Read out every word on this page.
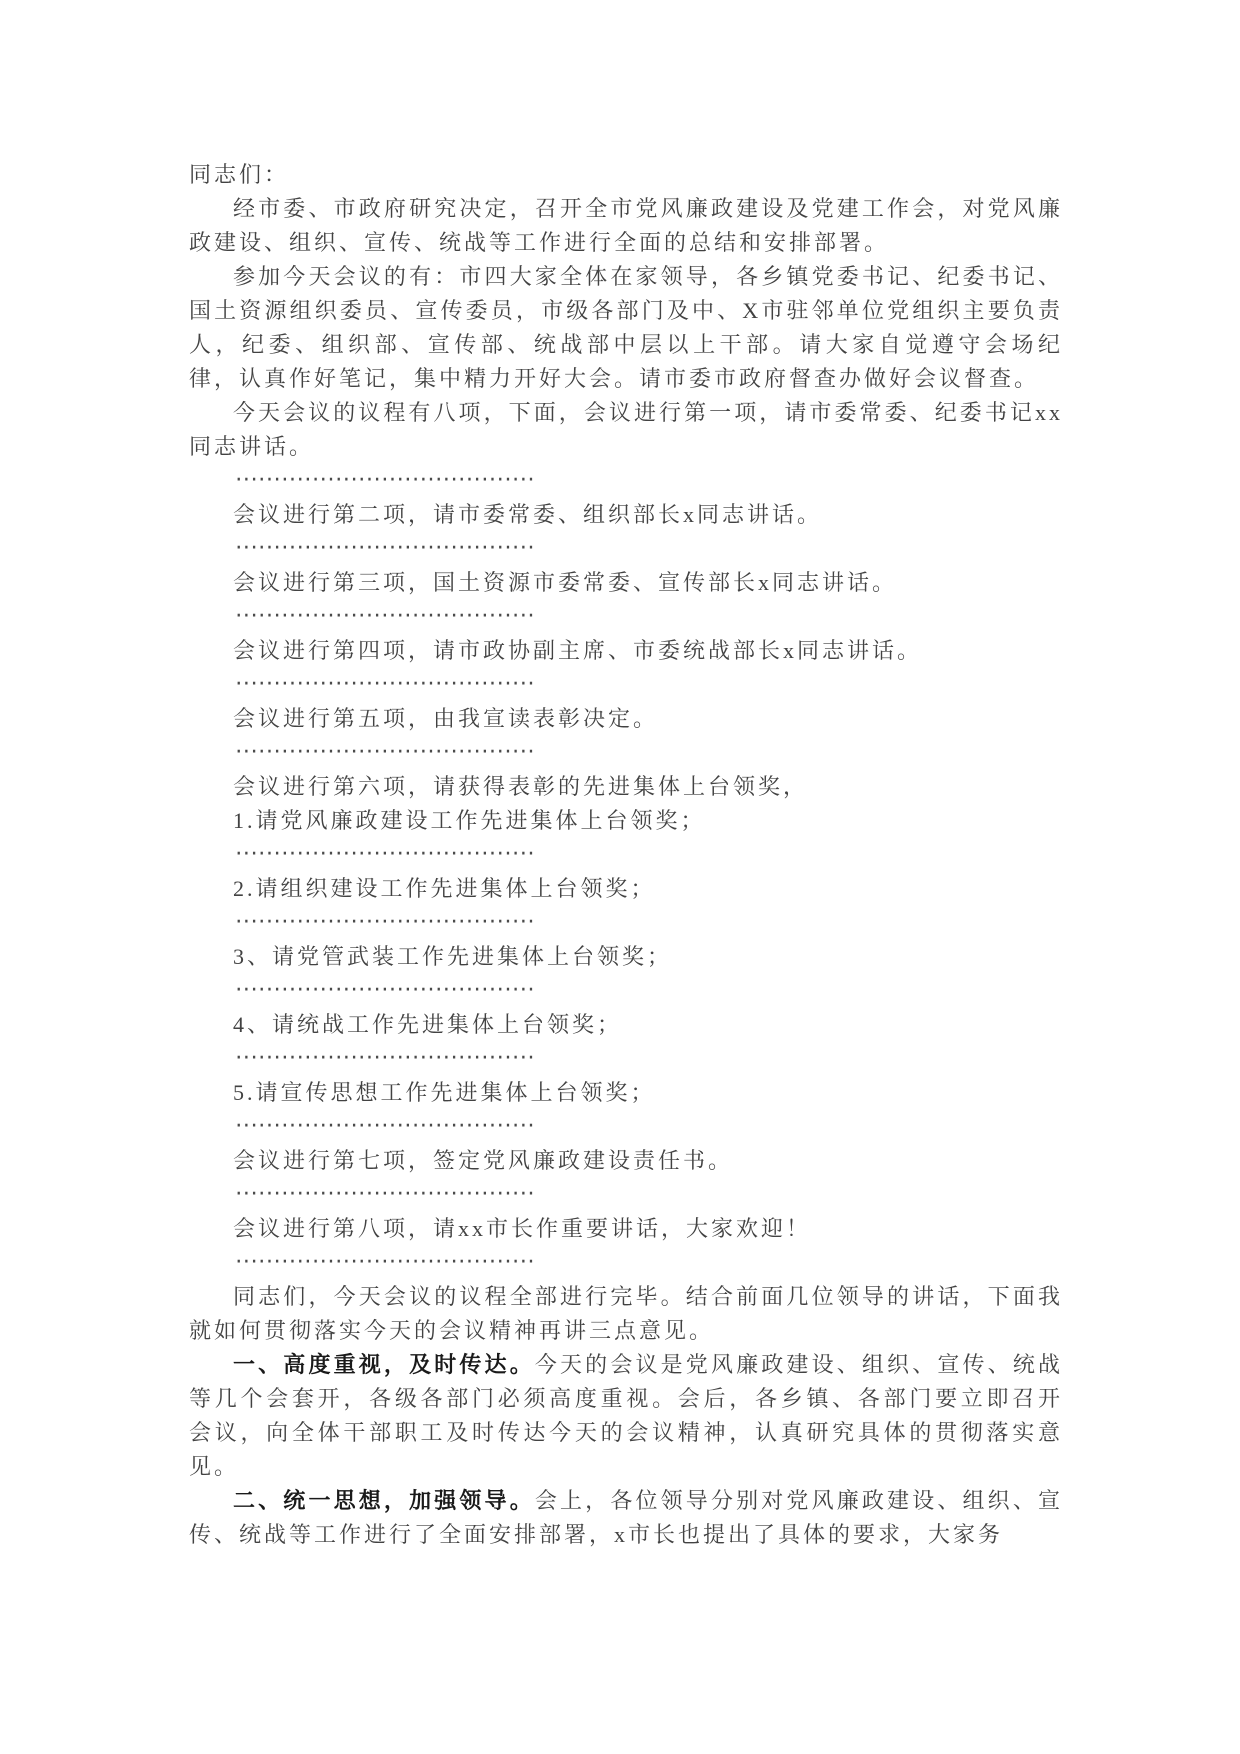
同志们：

经市委、市政府研究决定，召开全市党风廉政建设及党建工作会，对党风廉政建设、组织、宣传、统战等工作进行全面的总结和安排部署。

参加今天会议的有：市四大家全体在家领导，各乡镇党委书记、纪委书记、国土资源组织委员、宣传委员，市级各部门及中、X市驻邻单位党组织主要负责人，纪委、组织部、宣传部、统战部中层以上干部。请大家自觉遵守会场纪律，认真作好笔记，集中精力开好大会。请市委市政府督查办做好会议督查。

今天会议的议程有八项，下面，会议进行第一项，请市委常委、纪委书记xx同志讲话。

·······································

会议进行第二项，请市委常委、组织部长x同志讲话。

·······································

会议进行第三项，国土资源市委常委、宣传部长x同志讲话。

·······································

会议进行第四项，请市政协副主席、市委统战部长x同志讲话。

·······································

会议进行第五项，由我宣读表彰决定。

·······································

会议进行第六项，请获得表彰的先进集体上台领奖，

1.请党风廉政建设工作先进集体上台领奖；

·······································

2.请组织建设工作先进集体上台领奖；

·······································

3、请党管武装工作先进集体上台领奖；

·······································

4、请统战工作先进集体上台领奖；

·······································

5.请宣传思想工作先进集体上台领奖；

·······································

会议进行第七项，签定党风廉政建设责任书。

·······································

会议进行第八项，请xx市长作重要讲话，大家欢迎！

·······································

同志们，今天会议的议程全部进行完毕。结合前面几位领导的讲话，下面我就如何贯彻落实今天的会议精神再讲三点意见。

一、高度重视，及时传达。今天的会议是党风廉政建设、组织、宣传、统战等几个会套开，各级各部门必须高度重视。会后，各乡镇、各部门要立即召开会议，向全体干部职工及时传达今天的会议精神，认真研究具体的贯彻落实意见。

二、统一思想，加强领导。会上，各位领导分别对党风廉政建设、组织、宣传、统战等工作进行了全面安排部署，x市长也提出了具体的要求，大家务
